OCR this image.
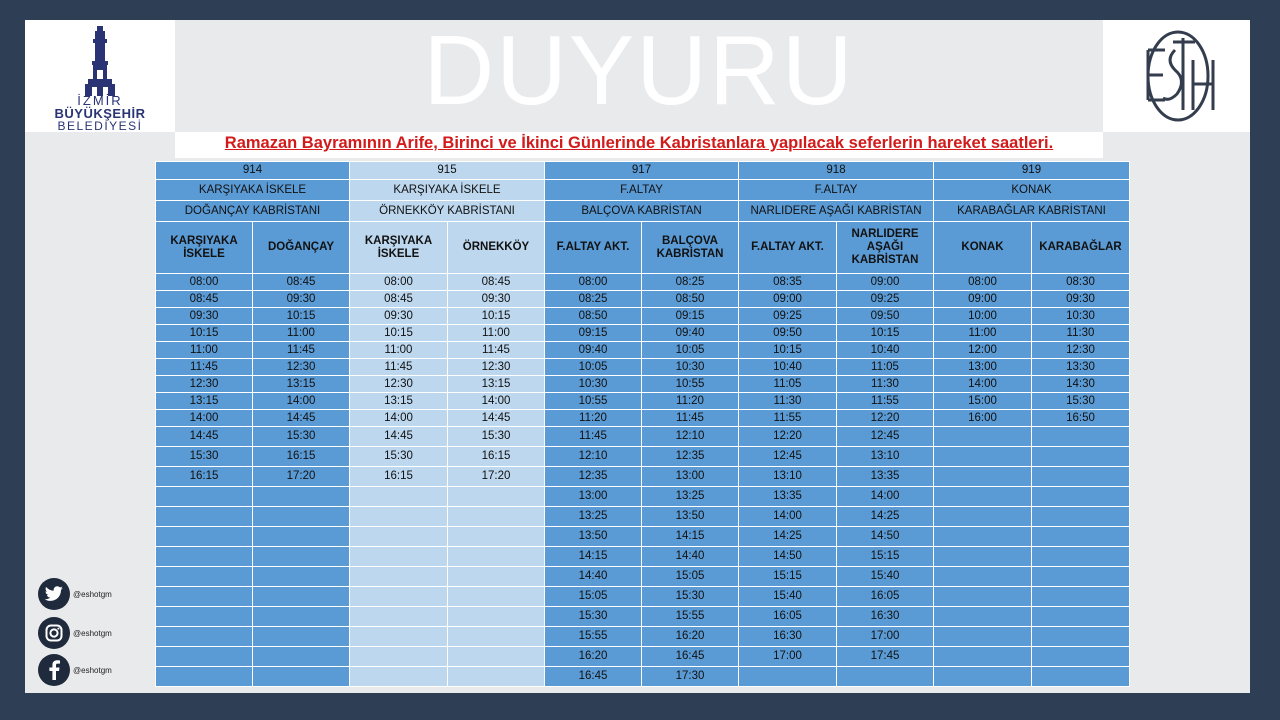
İZMİR
BÜYÜKŞEHİR
BELEDİYESİ
DUYURU
Ramazan Bayramının Arife, Birinci ve İkinci Günlerinde Kabristanlara yapılacak seferlerin hareket saatleri.
914		915		917		918		919	
KARŞIYAKA İSKELE		KARŞIYAKA İSKELE		F.ALTAY		F.ALTAY		KONAK	
DOĞANÇAY KABRİSTANI		ÖRNEKKÖY KABRİSTANI		BALÇOVA KABRİSTAN		NARLIDERE AŞAĞI KABRİSTAN		KARABAĞLAR KABRİSTANI	
KARŞIYAKA İSKELE	DOĞANÇAY	KARŞIYAKA İSKELE	ÖRNEKKÖY	F.ALTAY AKT.	BALÇOVA KABRİSTAN	F.ALTAY AKT.	NARLIDERE AŞAĞI KABRİSTAN	KONAK	KARABAĞLAR
08:00	08:45	08:00	08:45	08:00	08:25	08:35	09:00	08:00	08:30
08:45	09:30	08:45	09:30	08:25	08:50	09:00	09:25	09:00	09:30
09:30	10:15	09:30	10:15	08:50	09:15	09:25	09:50	10:00	10:30
10:15	11:00	10:15	11:00	09:15	09:40	09:50	10:15	11:00	11:30
11:00	11:45	11:00	11:45	09:40	10:05	10:15	10:40	12:00	12:30
11:45	12:30	11:45	12:30	10:05	10:30	10:40	11:05	13:00	13:30
12:30	13:15	12:30	13:15	10:30	10:55	11:05	11:30	14:00	14:30
13:15	14:00	13:15	14:00	10:55	11:20	11:30	11:55	15:00	15:30
14:00	14:45	14:00	14:45	11:20	11:45	11:55	12:20	16:00	16:50
14:45	15:30	14:45	15:30	11:45	12:10	12:20	12:45		
15:30	16:15	15:30	16:15	12:10	12:35	12:45	13:10		
16:15	17:20	16:15	17:20	12:35	13:00	13:10	13:35		
				13:00	13:25	13:35	14:00		
				13:25	13:50	14:00	14:25		
				13:50	14:15	14:25	14:50		
				14:15	14:40	14:50	15:15		
				14:40	15:05	15:15	15:40		
				15:05	15:30	15:40	16:05		
				15:30	15:55	16:05	16:30		
				15:55	16:20	16:30	17:00		
				16:20	16:45	17:00	17:45		
				16:45	17:30				
@eshotgm
@eshotgm
@eshotgm
